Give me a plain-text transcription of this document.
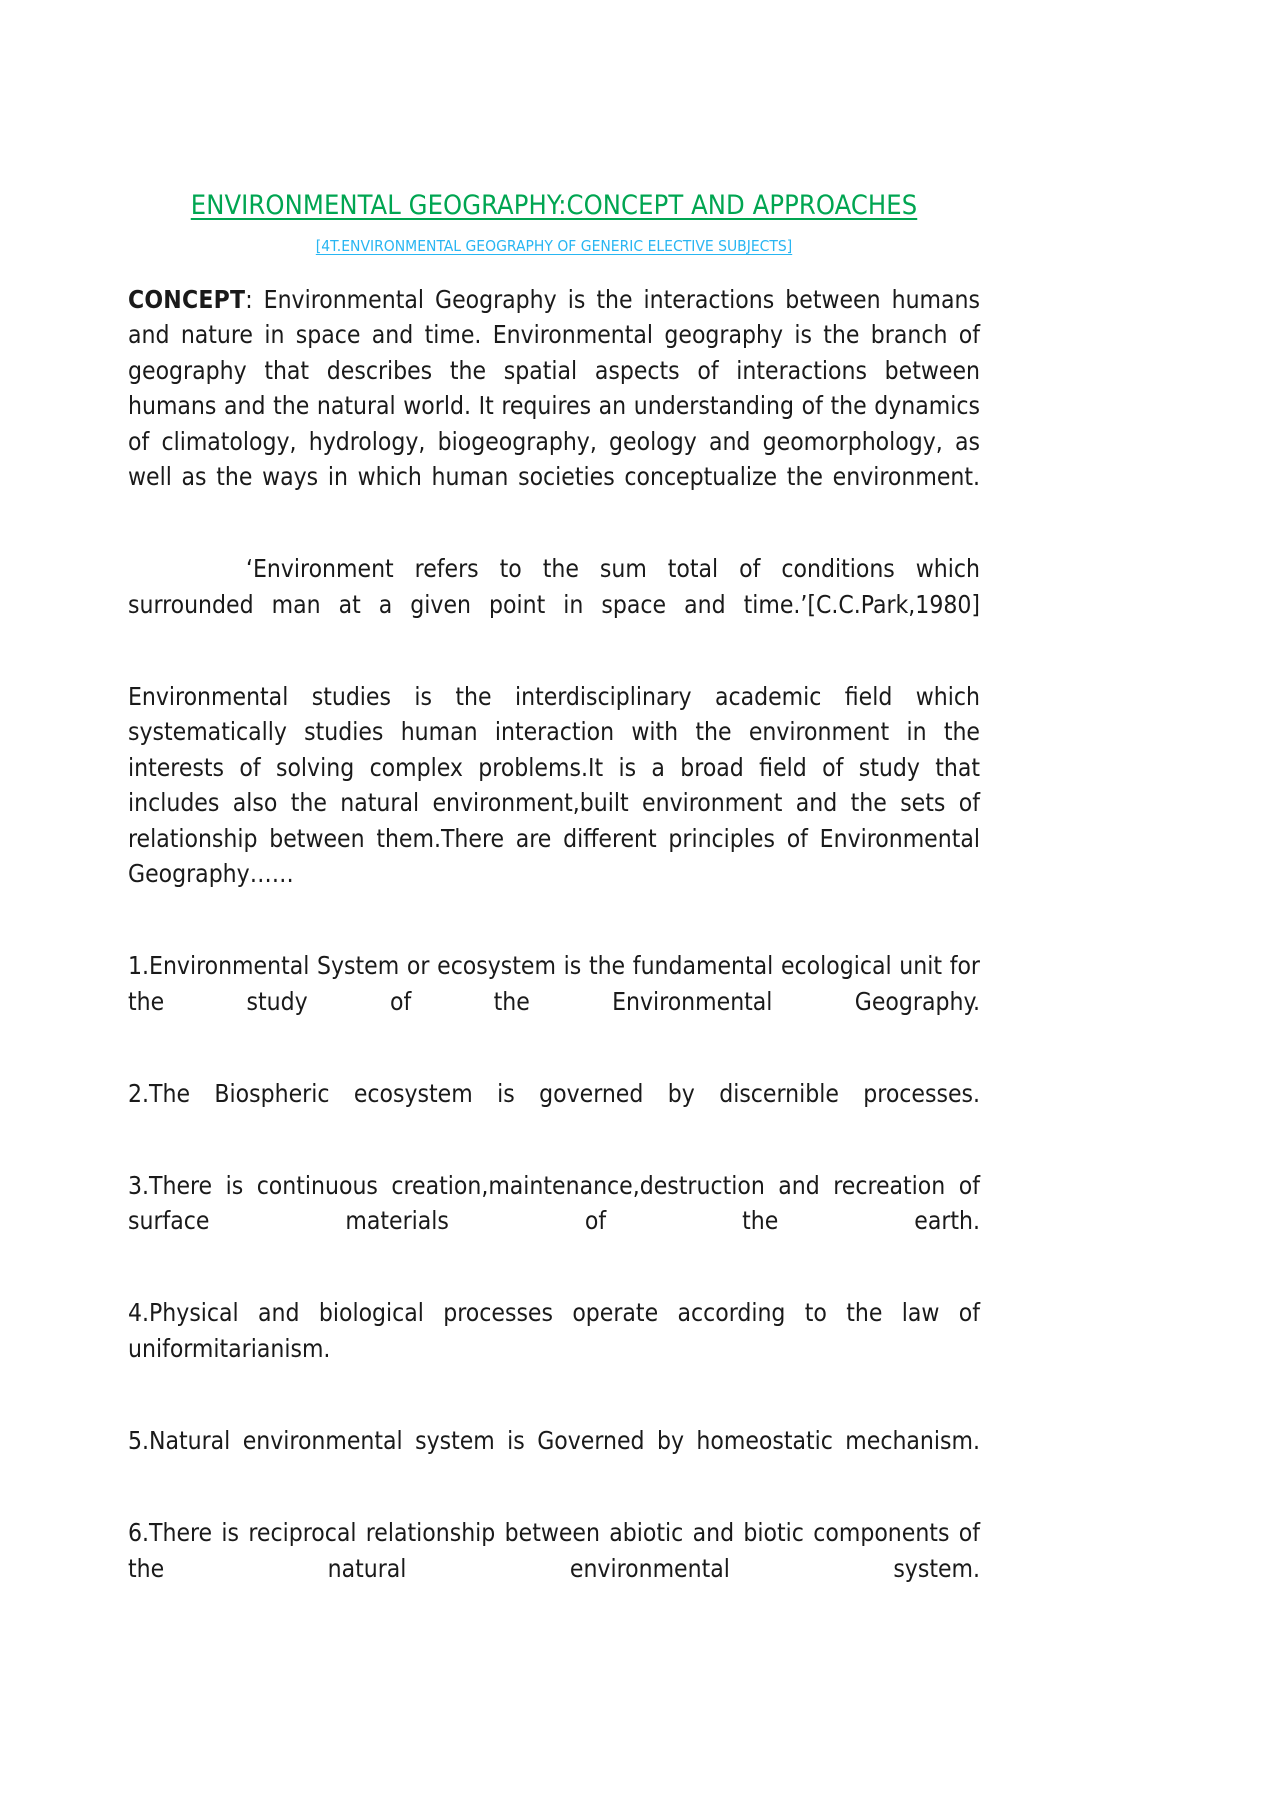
ENVIRONMENTAL GEOGRAPHY:CONCEPT AND APPROACHES
[4T.ENVIRONMENTAL GEOGRAPHY OF GENERIC ELECTIVE SUBJECTS]

CONCEPT: Environmental Geography is the interactions between humans and nature in space and time. Environmental geography is the branch of geography that describes the spatial aspects of interactions between humans and the natural world. It requires an understanding of the dynamics of climatology, hydrology, biogeography, geology and geomorphology, as well as the ways in which human societies conceptualize the environment.

‘Environment refers to the sum total of conditions which surrounded man at a given point in space and time.’[C.C.Park,1980]

Environmental studies is the interdisciplinary academic field which systematically studies human interaction with the environment in the interests of solving complex problems.It is a broad field of study that includes also the natural environment,built environment and the sets of relationship between them.There are different principles of Environmental Geography……

1.Environmental System or ecosystem is the fundamental ecological unit for the study of the Environmental Geography.

2.The Biospheric ecosystem is governed by discernible processes.

3.There is continuous creation,maintenance,destruction and recreation of surface materials of the earth.

4.Physical and biological processes operate according to the law of uniformitarianism.

5.Natural environmental system is Governed by homeostatic mechanism.

6.There is reciprocal relationship between abiotic and biotic components of the natural environmental system.
